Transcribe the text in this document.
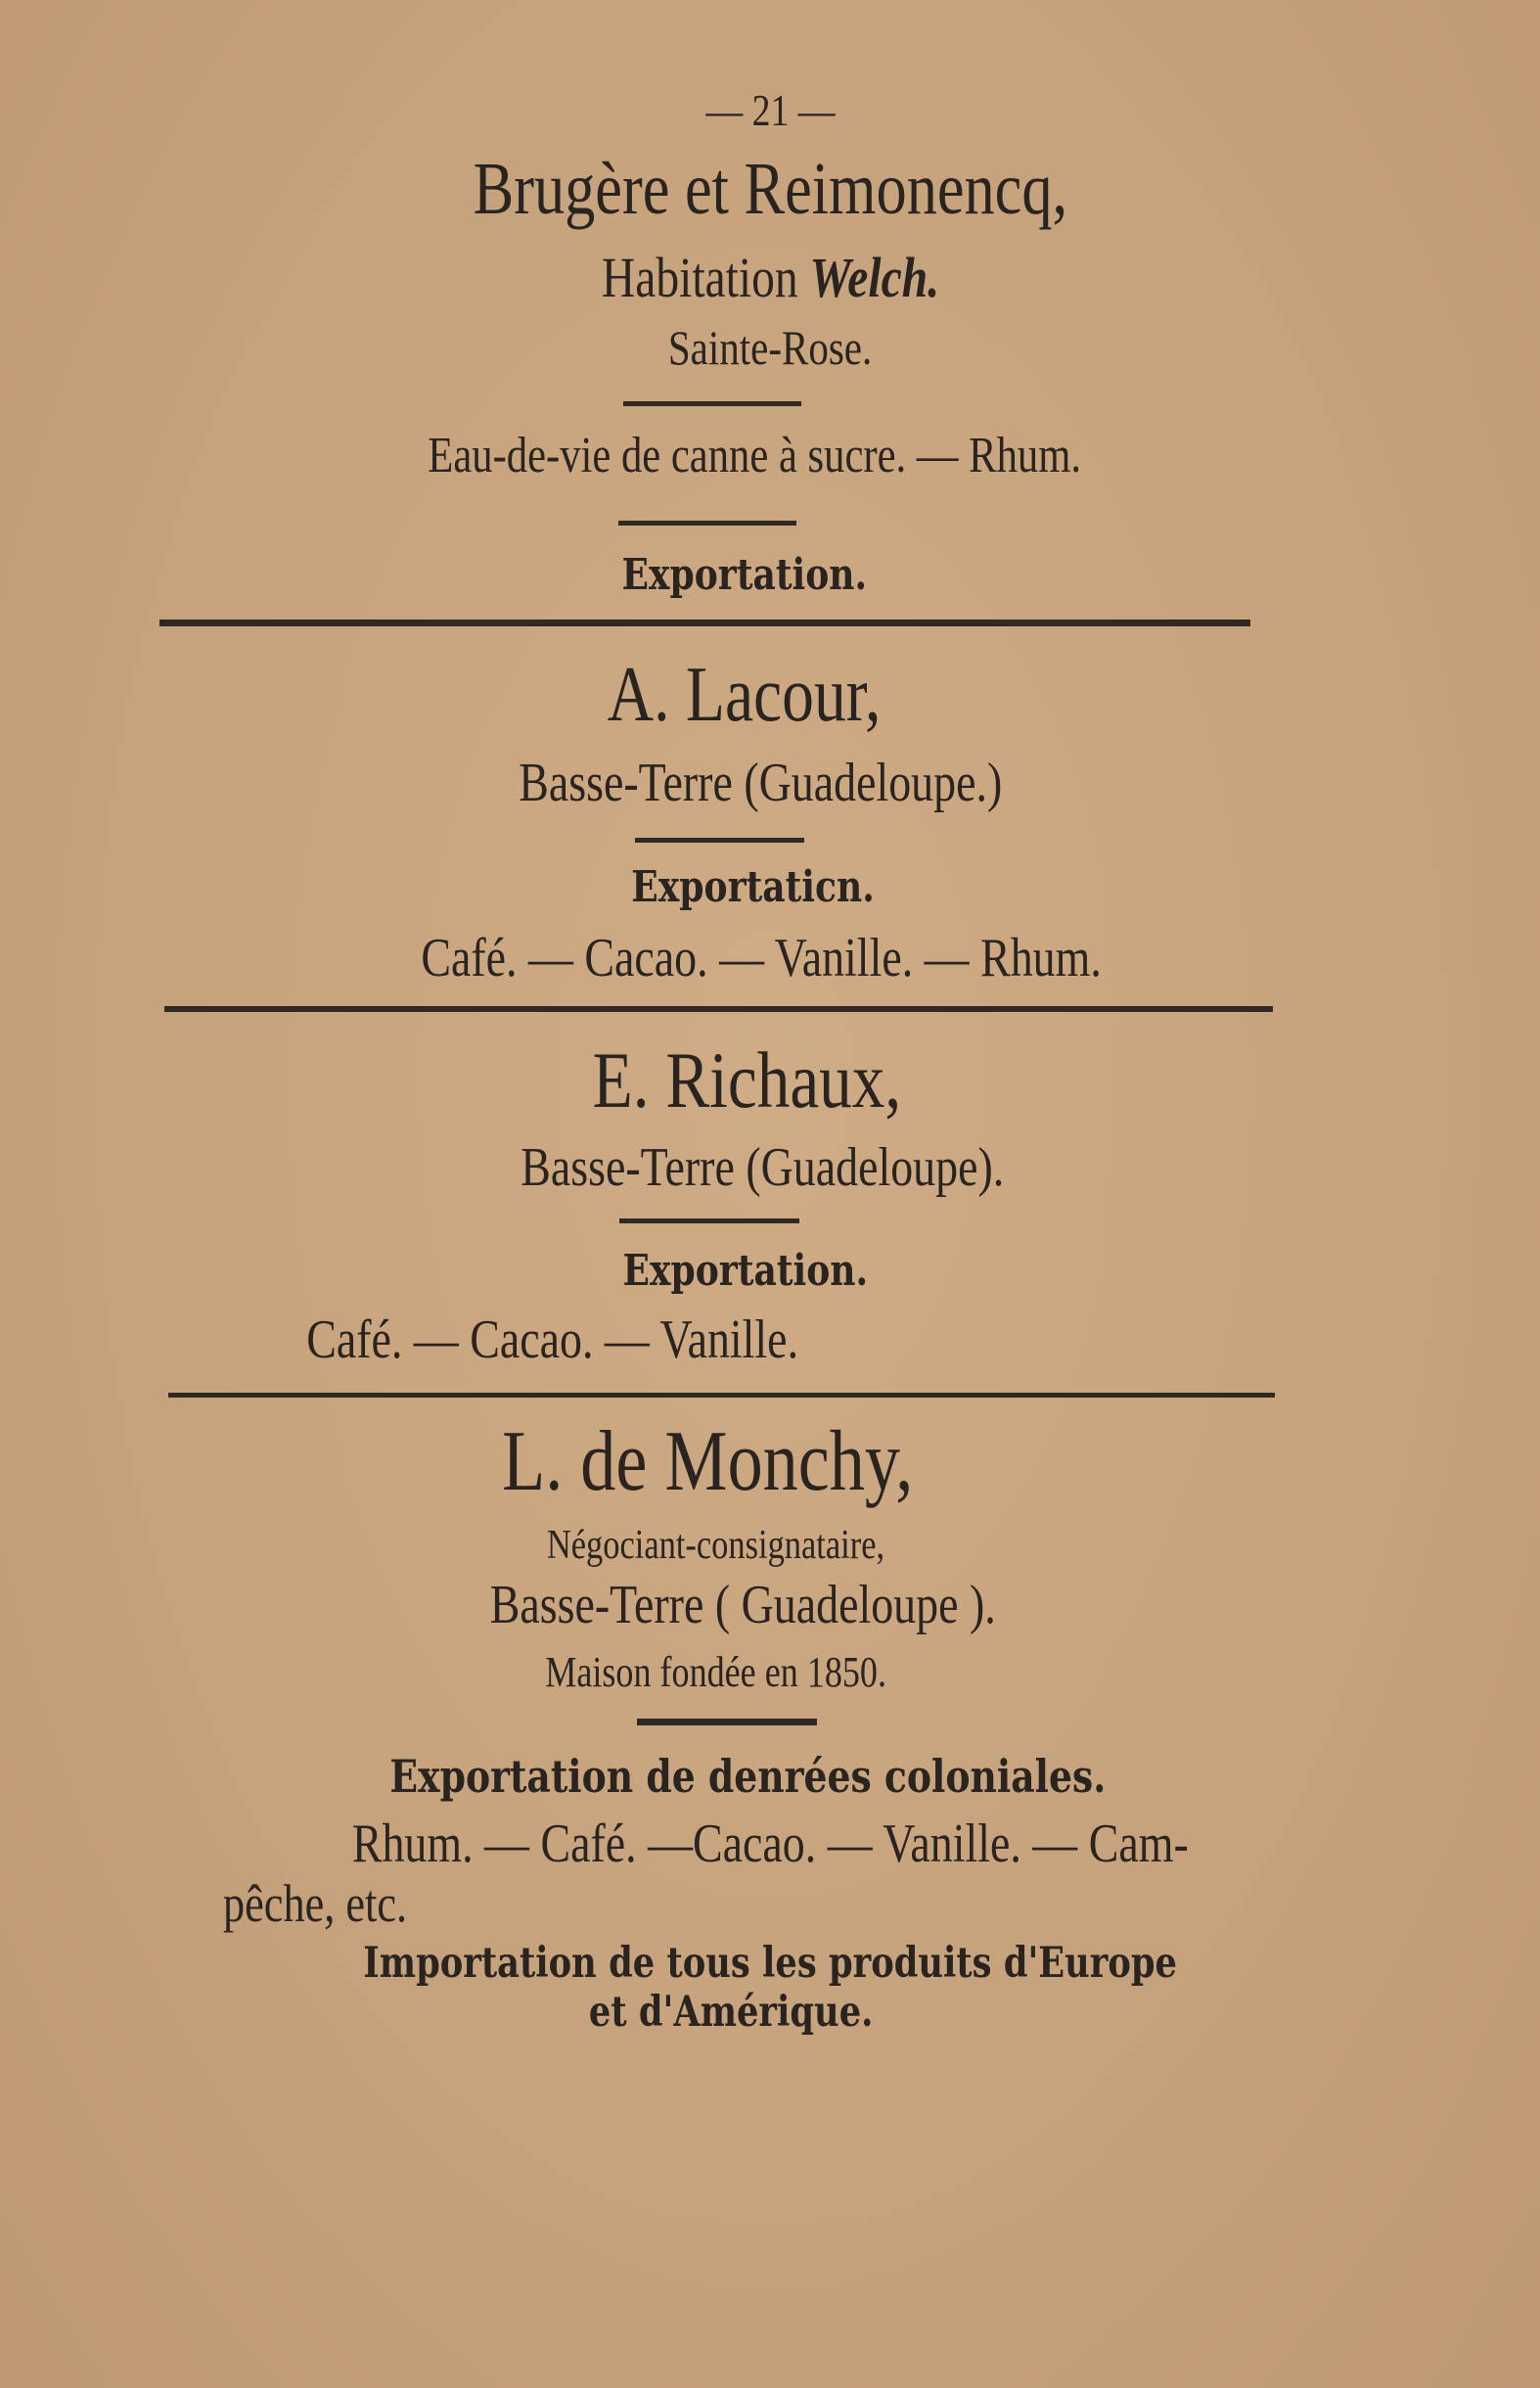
— 21 —
Brugère et Reimonencq,
Habitation Welch.
Sainte-Rose.
Eau-de-vie de canne à sucre. — Rhum.
Exportation.
A. Lacour,
Basse-Terre (Guadeloupe.)
Exportaticn.
Café. — Cacao. — Vanille. — Rhum.
E. Richaux,
Basse-Terre (Guadeloupe).
Exportation.
Café. — Cacao. — Vanille.
L. de Monchy,
Négociant-consignataire,
Basse-Terre ( Guadeloupe ).
Maison fondée en 1850.
Exportation de denrées coloniales.
Rhum. — Café. —Cacao. — Vanille. — Cam-
pêche, etc.
Importation de tous les produits d'Europe
et d'Amérique.
